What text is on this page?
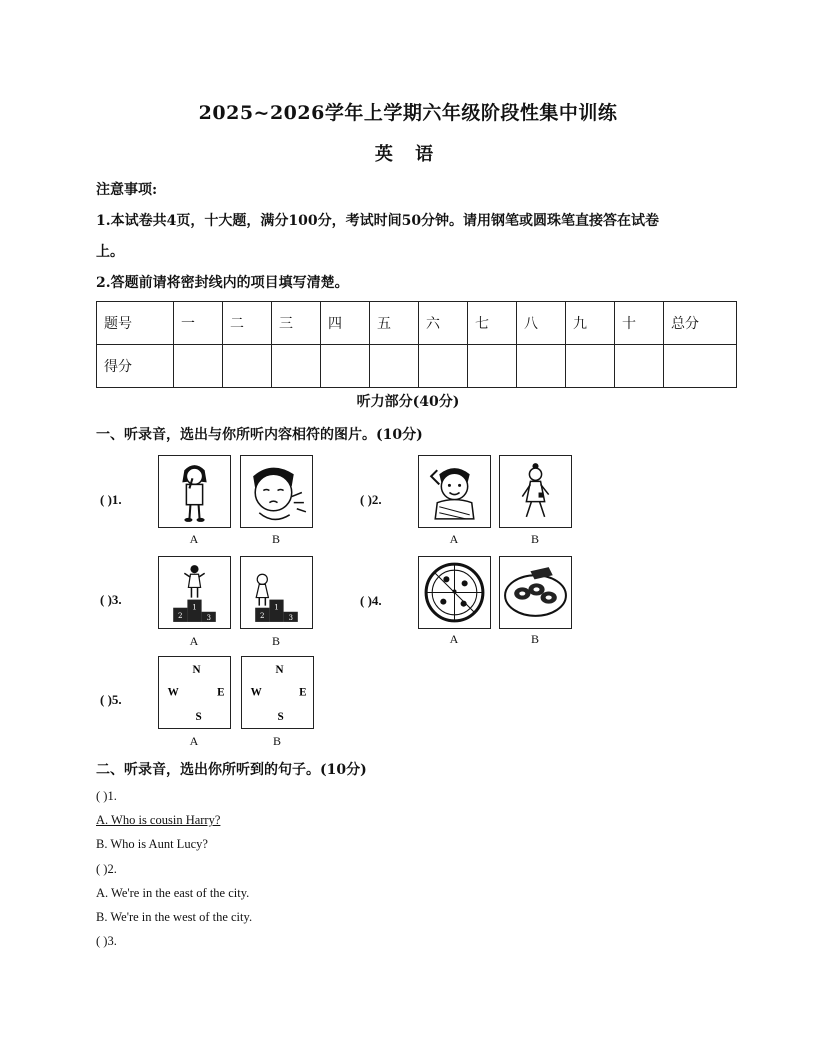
2025~2026学年上学期六年级阶段性集中训练
英 语
注意事项:
1.本试卷共4页，十大题，满分100分，考试时间50分钟。请用钢笔或圆珠笔直接答在试卷
上。
2.答题前请将密封线内的项目填写清楚。
题号	一	二	三	四	五	六	七	八	九	十	总分
得分											
听力部分(40分)
一、听录音，选出与你所听内容相符的图片。(10分)
( )1.
A	B
( )2.
A	B
( )3.
2
1
3	2
1
3
A	B
( )4.
A	B
( )5.
N
W	E
S
N
W	E
S
A	B
二、听录音，选出你所听到的句子。(10分)
( )1.
A. Who is cousin Harry?
B. Who is Aunt Lucy?
( )2.
A. We're in the east of the city.
B. We're in the west of the city.
( )3.
